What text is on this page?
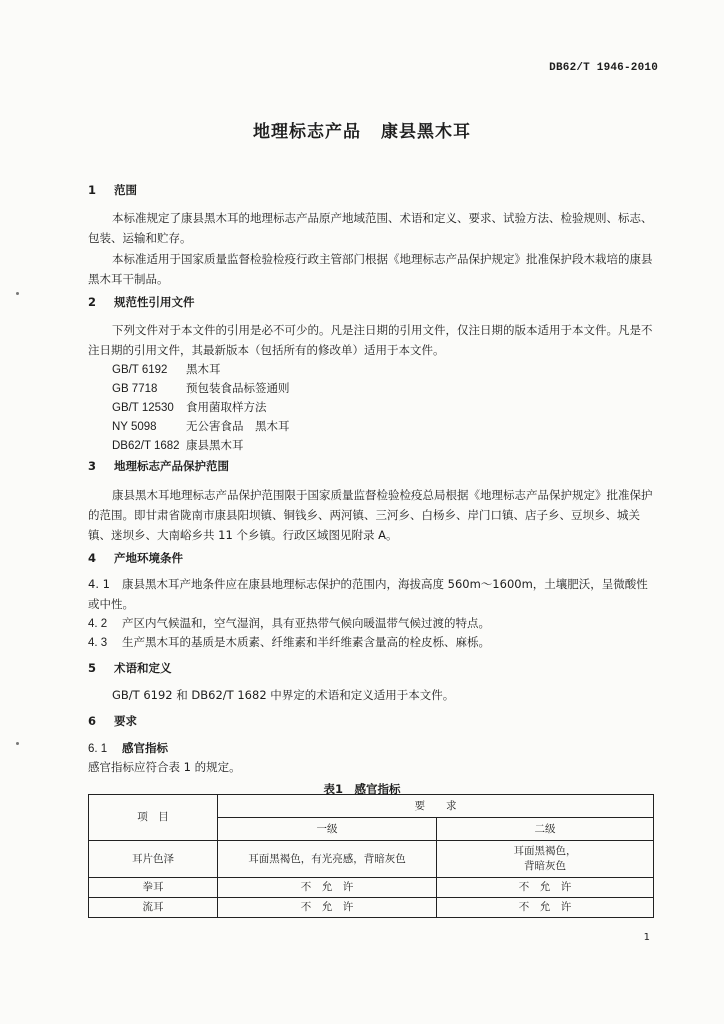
DB62/T 1946-2010
地理标志产品 康县黑木耳
1 范围
本标准规定了康县黑木耳的地理标志产品原产地域范围、术语和定义、要求、试验方法、检验规则、标志、包装、运输和贮存。
本标准适用于国家质量监督检验检疫行政主管部门根据《地理标志产品保护规定》批准保护段木栽培的康县黑木耳干制品。
2 规范性引用文件
下列文件对于本文件的引用是必不可少的。凡是注日期的引用文件，仅注日期的版本适用于本文件。凡是不注日期的引用文件，其最新版本（包括所有的修改单）适用于本文件。
GB/T 6192 黑木耳
GB 7718 预包装食品标签通则
GB/T 12530 食用菌取样方法
NY 5098	无公害食品　黑木耳
DB62/T 1682 康县黑木耳
3 地理标志产品保护范围
康县黑木耳地理标志产品保护范围限于国家质量监督检验检疫总局根据《地理标志产品保护规定》批准保护的范围。即甘肃省陇南市康县阳坝镇、铜钱乡、两河镇、三河乡、白杨乡、岸门口镇、店子乡、豆坝乡、城关镇、迷坝乡、大南峪乡共 11 个乡镇。行政区域图见附录 A。
4 产地环境条件
4. 1 康县黑木耳产地条件应在康县地理标志保护的范围内，海拔高度 560m～1600m，土壤肥沃，呈微酸性或中性。
4. 2 产区内气候温和，空气湿润，具有亚热带气候向暖温带气候过渡的特点。
4. 3 生产黑木耳的基质是木质素、纤维素和半纤维素含量高的栓皮栎、麻栎。
5 术语和定义
GB/T 6192 和 DB62/T 1682 中界定的术语和定义适用于本文件。
6 要求
6. 1 感官指标
感官指标应符合表 1 的规定。
表1　感官指标
项　目	要　　求	
	一级	二级
耳片色泽	耳面黑褐色，有光亮感，背暗灰色	耳面黑褐色，
背暗灰色

拳耳	不　允　许	不　允　许
流耳	不　允　许	不　允　许
1
